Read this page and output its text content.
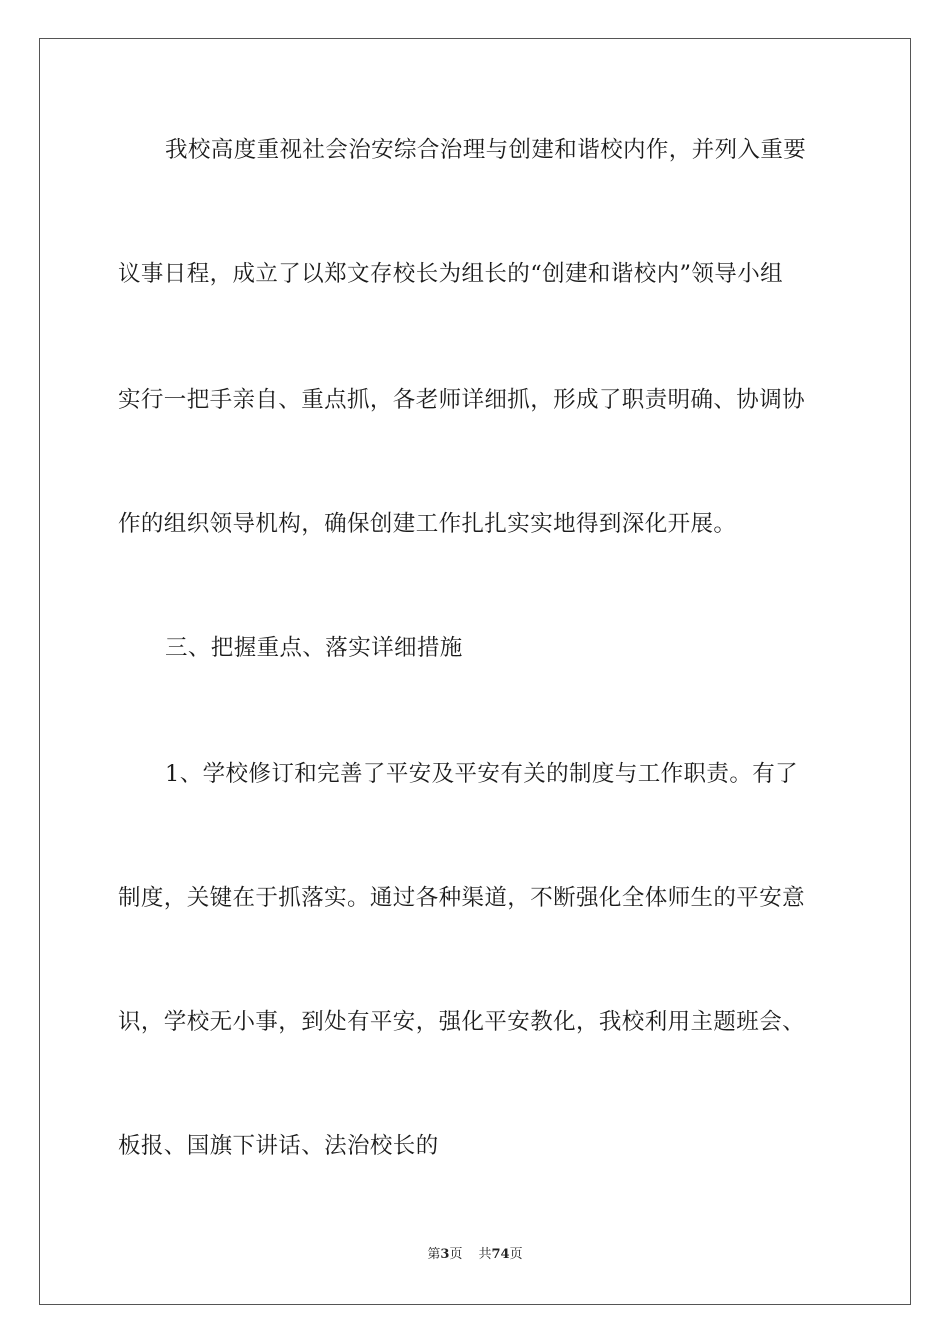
我校高度重视社会治安综合治理与创建和谐校内作，并列入重要

议事日程，成立了以郑文存校长为组长的“创建和谐校内”领导小组

实行一把手亲自、重点抓，各老师详细抓，形成了职责明确、协调协

作的组织领导机构，确保创建工作扎扎实实地得到深化开展。

三、把握重点、落实详细措施

1、学校修订和完善了平安及平安有关的制度与工作职责。有了

制度，关键在于抓落实。通过各种渠道，不断强化全体师生的平安意

识，学校无小事，到处有平安，强化平安教化，我校利用主题班会、

板报、国旗下讲话、法治校长的

第3页 共74页
